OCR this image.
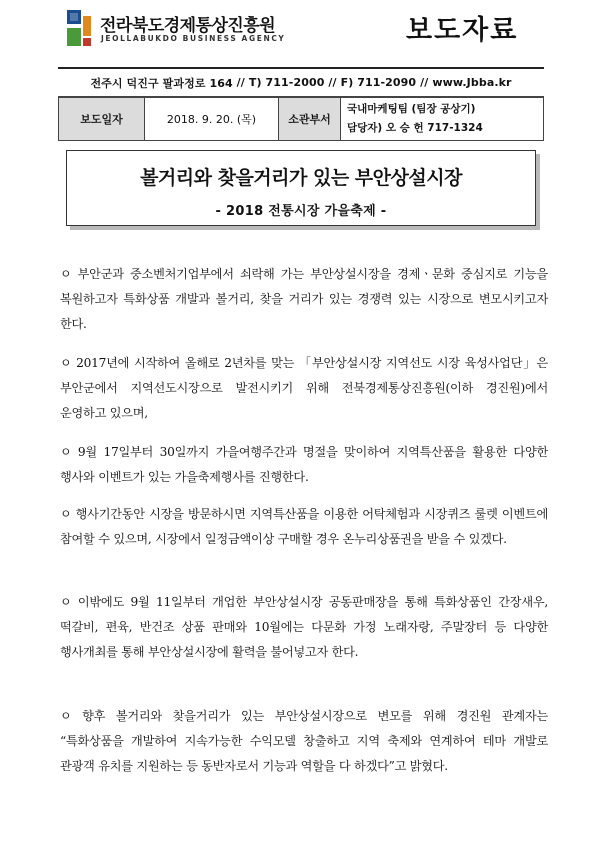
전라북도경제통상진흥원
JEOLLABUKDO BUSINESS AGENCY	보도자료
전주시 덕진구 팔과정로 164 // T) 711-2000 // F) 711-2090 // www.Jbba.kr
보도일자	2018. 9. 20. (목)	소관부서	
국내마케팅팀 (팀장 공상기)
담당자) 오 승 헌 717-1324
볼거리와 찾을거리가 있는 부안상설시장
- 2018 전통시장 가을축제 -

ㅇ 부안군과 중소벤처기업부에서 쇠락해 가는 부안상설시장을 경제ㆍ문화 중심지로 기능을 복원하고자 특화상품 개발과 볼거리, 찾을 거리가 있는 경쟁력 있는 시장으로 변모시키고자 한다.

ㅇ 2017년에 시작하여 올해로 2년차를 맞는 「부안상설시장 지역선도 시장 육성사업단」은 부안군에서 지역선도시장으로 발전시키기 위해 전북경제통상진흥원(이하 경진원)에서 운영하고 있으며,

ㅇ 9월 17일부터 30일까지 가을여행주간과 명절을 맞이하여 지역특산품을 활용한 다양한 행사와 이벤트가 있는 가을축제행사를 진행한다.

ㅇ 행사기간동안 시장을 방문하시면 지역특산품을 이용한 어탁체험과 시장퀴즈 룰렛 이벤트에 참여할 수 있으며, 시장에서 일정금액이상 구매할 경우 온누리상품권을 받을 수 있겠다.

ㅇ 이밖에도 9월 11일부터 개업한 부안상설시장 공동판매장을 통해 특화상품인 간장새우, 떡갈비, 편육, 반건조 상품 판매와 10월에는 다문화 가정 노래자랑, 주말장터 등 다양한 행사개최를 통해 부안상설시장에 활력을 불어넣고자 한다.

ㅇ 향후 볼거리와 찾을거리가 있는 부안상설시장으로 변모를 위해 경진원 관계자는 “특화상품을 개발하여 지속가능한 수익모델 창출하고 지역 축제와 연계하여 테마 개발로 관광객 유치를 지원하는 등 동반자로서 기능과 역할을 다 하겠다”고 밝혔다.
